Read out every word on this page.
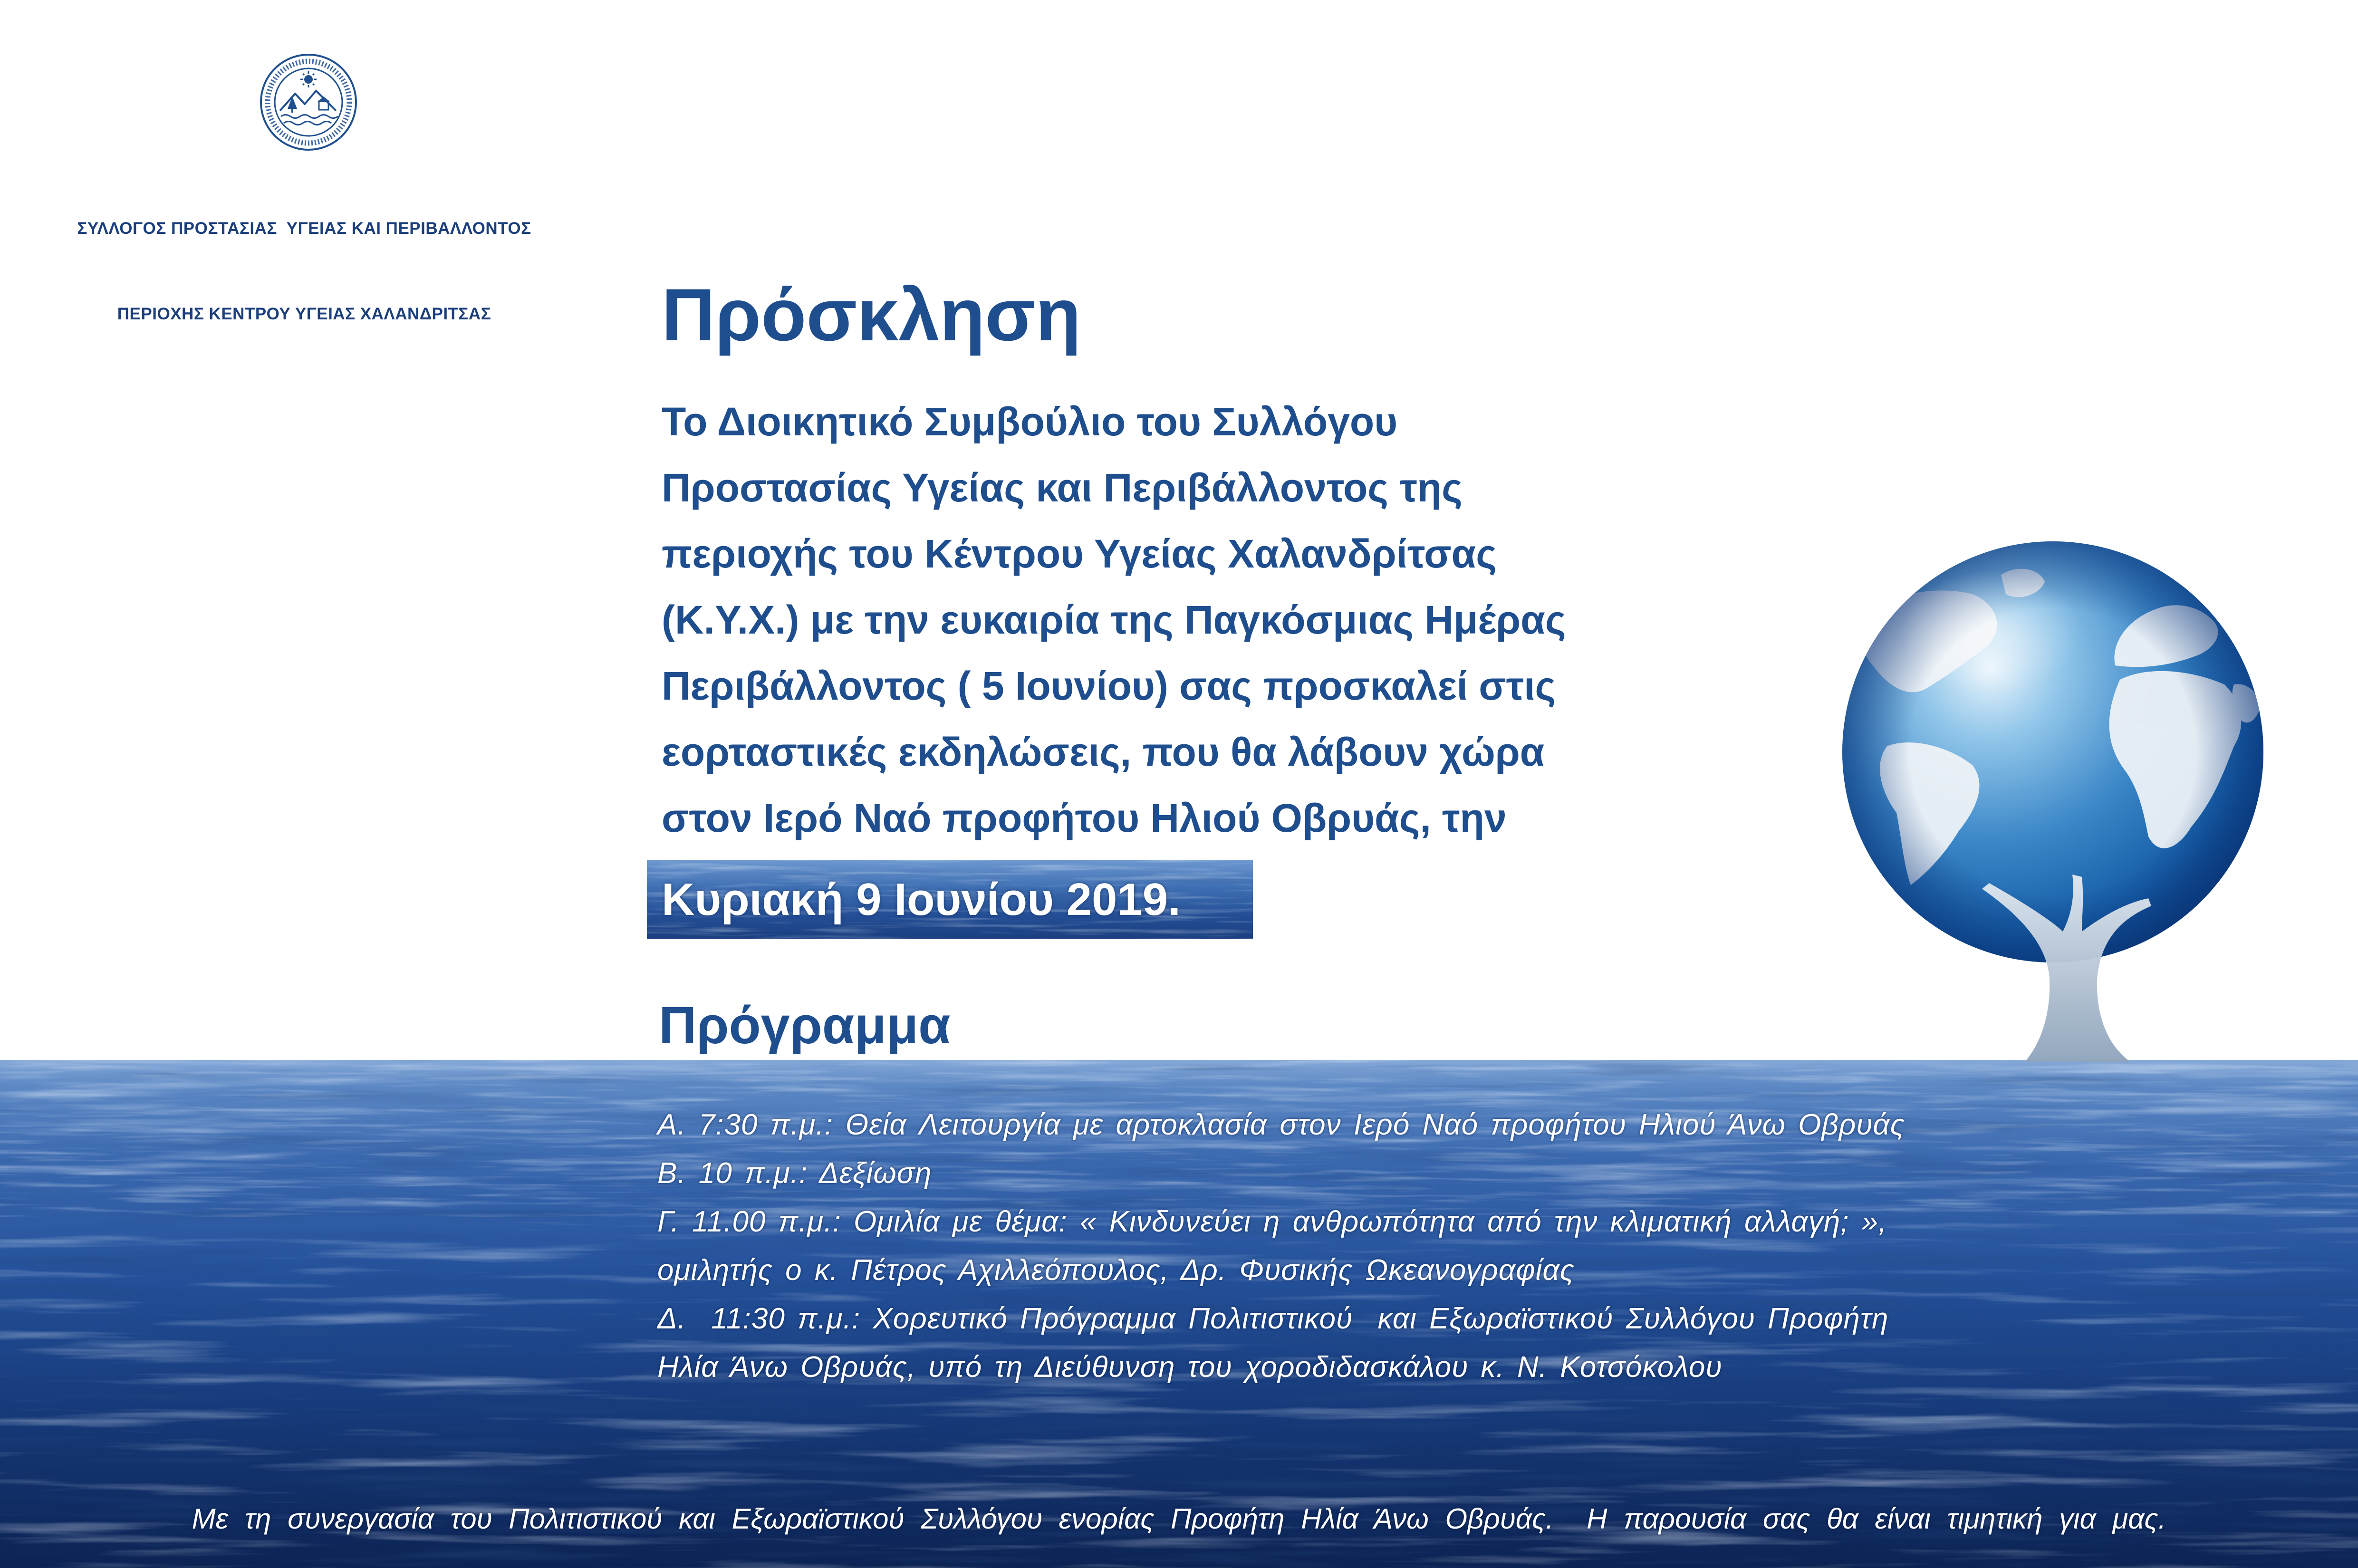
ΣΥΛΛΟΓΟΣ ΠΡΟΣΤΑΣΙΑΣ  ΥΓΕΙΑΣ ΚΑΙ ΠΕΡΙΒΑΛΛΟΝΤΟΣ

ΠΕΡΙΟΧΗΣ ΚΕΝΤΡΟΥ ΥΓΕΙΑΣ ΧΑΛΑΝΔΡΙΤΣΑΣ	Πρόσκληση
Το Διοικητικό Συμβούλιο του Συλλόγου
Προστασίας Υγείας και Περιβάλλοντος της
περιοχής του Κέντρου Υγείας Χαλανδρίτσας
(Κ.Υ.Χ.) με την ευκαιρία της Παγκόσμιας Ημέρας
Περιβάλλοντος ( 5 Ιουνίου) σας προσκαλεί στις
εορταστικές εκδηλώσεις, που θα λάβουν χώρα
στον Ιερό Ναό προφήτου Ηλιού Οβρυάς, την
Κυριακή 9 Ιουνίου 2019.
Πρόγραμμα
Α. 7:30 π.μ.: Θεία Λειτουργία με αρτοκλασία στον Ιερό Ναό προφήτου Ηλιού Άνω Οβρυάς
Β. 10 π.μ.: Δεξίωση
Γ. 11.00 π.μ.: Ομιλία με θέμα: « Κινδυνεύει η ανθρωπότητα από την κλιματική αλλαγή; »,
ομιλητής ο κ. Πέτρος Αχιλλεόπουλος, Δρ. Φυσικής Ωκεανογραφίας
Δ.  11:30 π.μ.: Χορευτικό Πρόγραμμα Πολιτιστικού  και Εξωραϊστικού Συλλόγου Προφήτη
Ηλία Άνω Οβρυάς, υπό τη Διεύθυνση του χοροδιδασκάλου κ. Ν. Κοτσόκολου
Με τη συνεργασία του Πολιτιστικού και Εξωραϊστικού Συλλόγου ενορίας Προφήτη Ηλία Άνω Οβρυάς.  Η παρουσία σας θα είναι τιμητική για μας.
